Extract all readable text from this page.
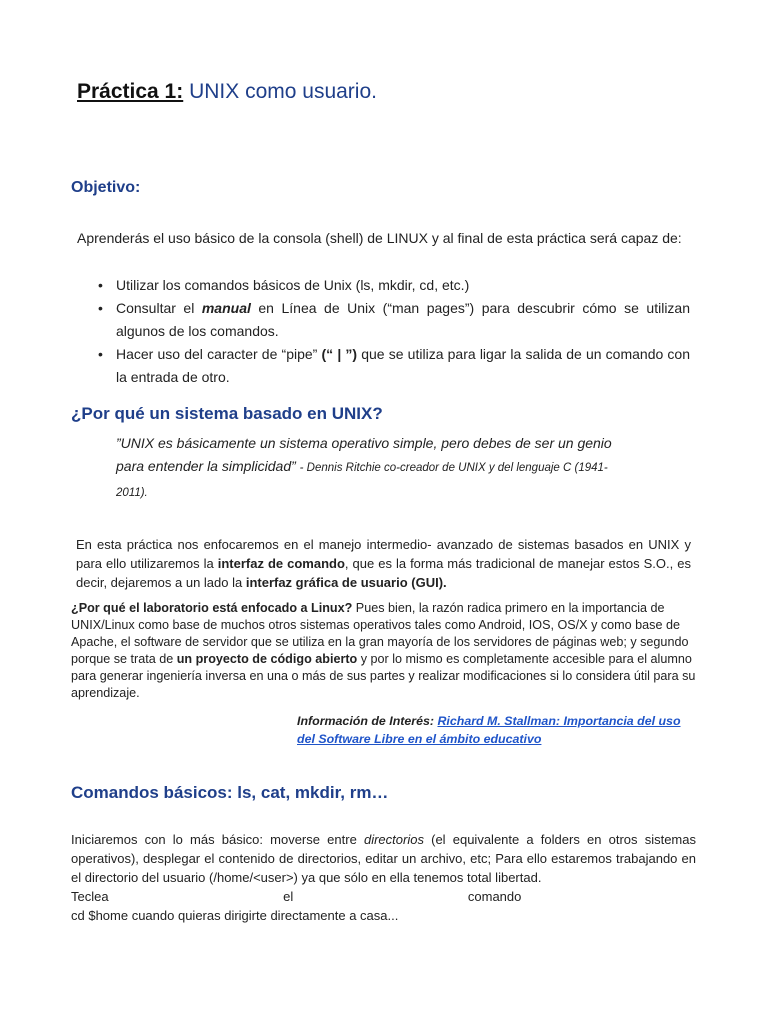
Práctica 1: UNIX como usuario.
Objetivo:

Aprenderás el uso básico de la consola (shell) de LINUX y al final de esta práctica será capaz de:

• Utilizar los comandos básicos de Unix (ls, mkdir, cd, etc.)
• Consultar el manual en Línea de Unix (“man pages”) para descubrir cómo se utilizan algunos de los comandos.
• Hacer uso del caracter de “pipe” (“ | ”) que se utiliza para ligar la salida de un comando con la entrada de otro.
¿Por qué un sistema basado en UNIX?

”UNIX es básicamente un sistema operativo simple, pero debes de ser un genio para entender la simplicidad” - Dennis Ritchie co-creador de UNIX y del lenguaje C (1941-2011).

En esta práctica nos enfocaremos en el manejo intermedio- avanzado de sistemas basados en UNIX y para ello utilizaremos la interfaz de comando, que es la forma más tradicional de manejar estos S.O., es decir, dejaremos a un lado la interfaz gráfica de usuario (GUI).

¿Por qué el laboratorio está enfocado a Linux? Pues bien, la razón radica primero en la importancia de UNIX/Linux como base de muchos otros sistemas operativos tales como Android, IOS, OS/X y como base de Apache, el software de servidor que se utiliza en la gran mayoría de los servidores de páginas web; y segundo porque se trata de un proyecto de código abierto y por lo mismo es completamente accesible para el alumno para generar ingeniería inversa en una o más de sus partes y realizar modificaciones si lo considera útil para su aprendizaje.

Información de Interés: Richard M. Stallman: Importancia del uso del Software Libre en el ámbito educativo

Comandos básicos: ls, cat, mkdir, rm…

Iniciaremos con lo más básico: moverse entre directorios (el equivalente a folders en otros sistemas operativos), desplegar el contenido de directorios, editar un archivo, etc; Para ello estaremos trabajando en el directorio del usuario (/home/<user>) ya que sólo en ella tenemos total libertad.

Teclea	el	comando

cd $home cuando quieras dirigirte directamente a casa...
